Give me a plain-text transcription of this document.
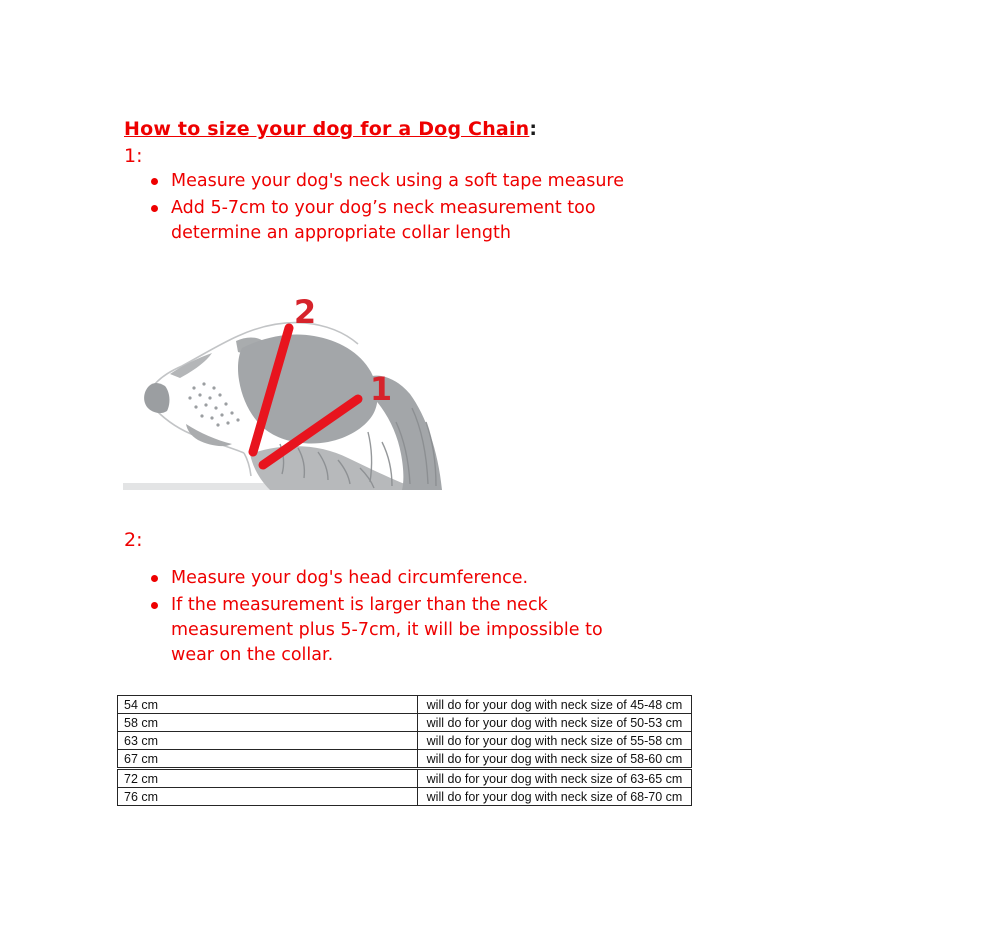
How to size your dog for a Dog Chain:
1:
Measure your dog's neck using a soft tape measure
Add 5-7cm to your dog’s neck measurement too determine an appropriate collar length
2
1
2:
Measure your dog's head circumference.
If the measurement is larger than the neck measurement plus 5-7cm, it will be impossible to wear on the collar.
54 cm	will do for your dog with neck size of 45-48 cm
58 cm	will do for your dog with neck size of 50-53 cm
63 cm	will do for your dog with neck size of 55-58 cm
67 cm	will do for your dog with neck size of 58-60 cm
72 cm	will do for your dog with neck size of 63-65 cm
76 cm	will do for your dog with neck size of 68-70 cm
